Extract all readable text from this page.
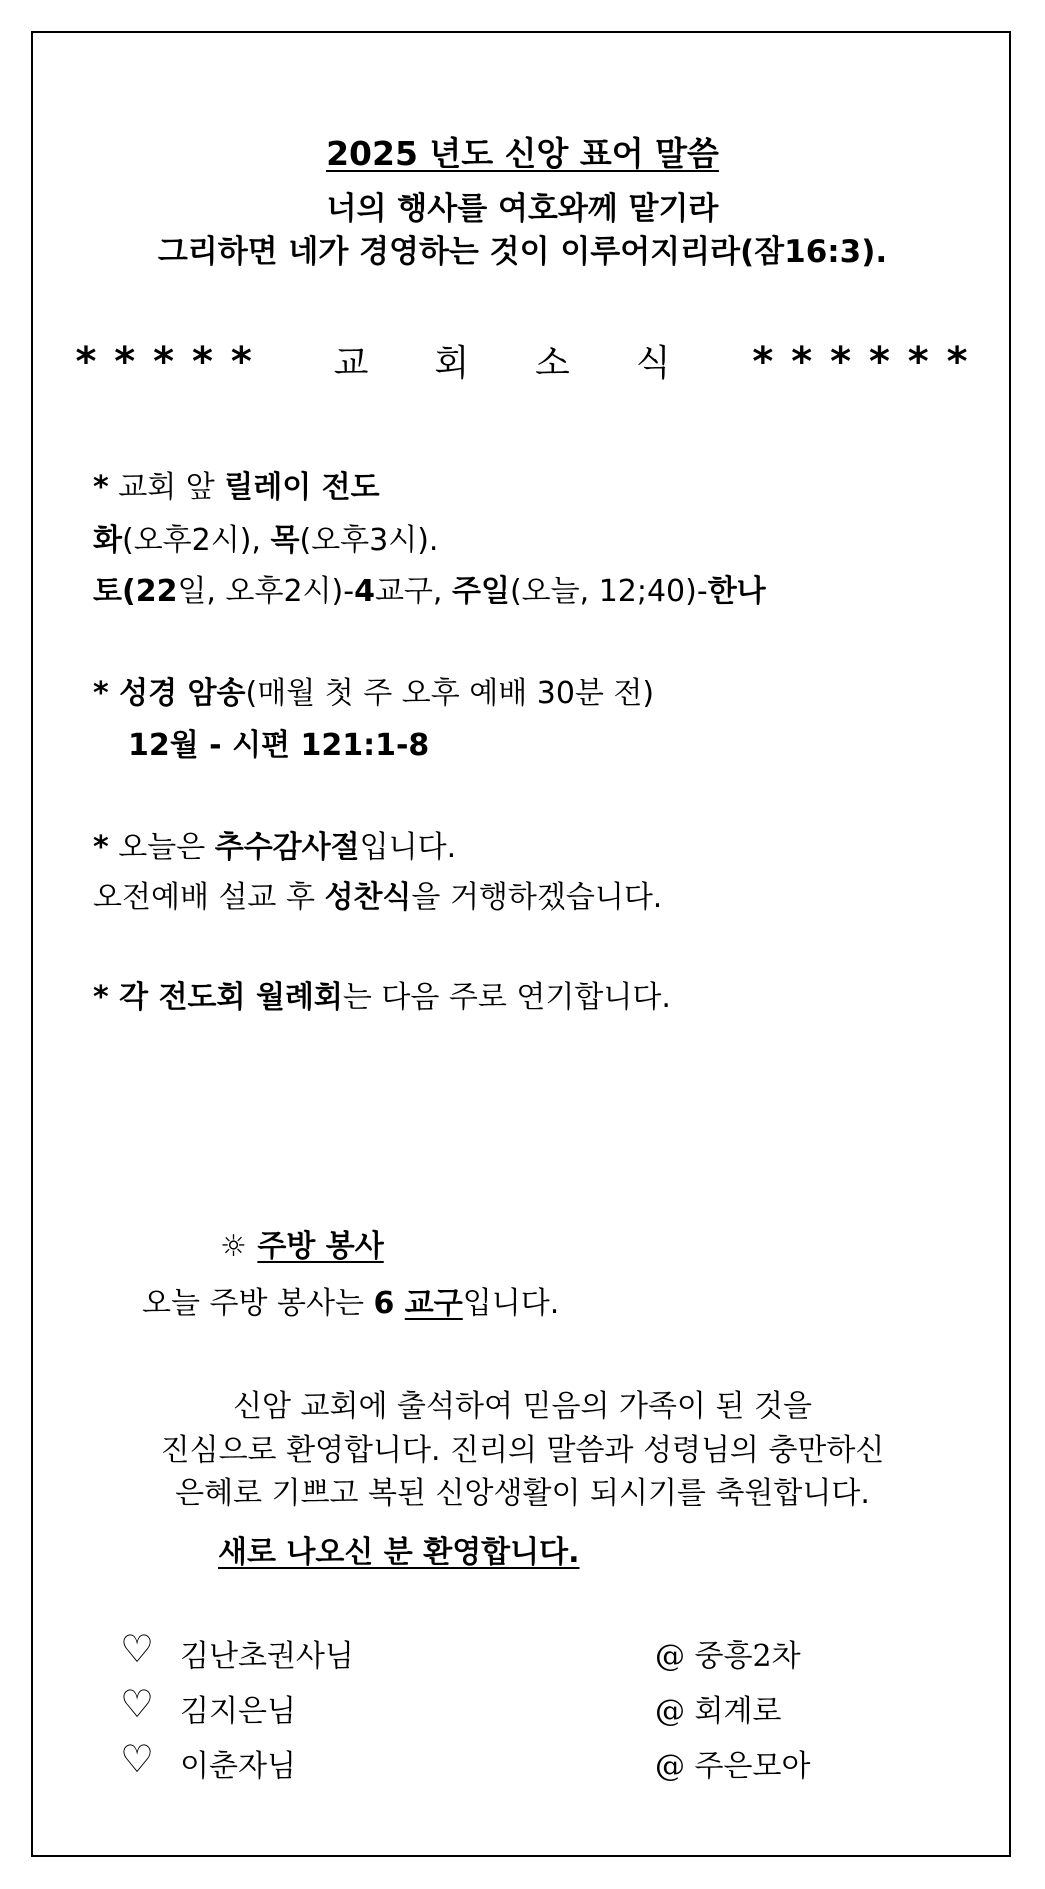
2025 년도 신앙 표어 말씀
너의 행사를 여호와께 맡기라
그리하면 네가 경영하는 것이 이루어지리라(잠16:3).
* * * * * 교 회 소 식 * * * * * *
* 교회 앞 릴레이 전도
화(오후2시), 목(오후3시).
토(22일, 오후2시)-4교구, 주일(오늘, 12;40)-한나
* 성경 암송(매월 첫 주 오후 예배 30분 전)
12월 - 시편 121:1-8
* 오늘은 추수감사절입니다.
오전예배 설교 후 성찬식을 거행하겠습니다.
* 각 전도회 월례회는 다음 주로 연기합니다.
☼ 주방 봉사
오늘 주방 봉사는 6 교구입니다.
신암 교회에 출석하여 믿음의 가족이 된 것을
진심으로 환영합니다. 진리의 말씀과 성령님의 충만하신
은혜로 기쁘고 복된 신앙생활이 되시기를 축원합니다.
새로 나오신 분 환영합니다.
♡ 김난초권사님	@ 중흥2차
♡ 김지은님	@ 회계로
♡ 이춘자님	@ 주은모아
